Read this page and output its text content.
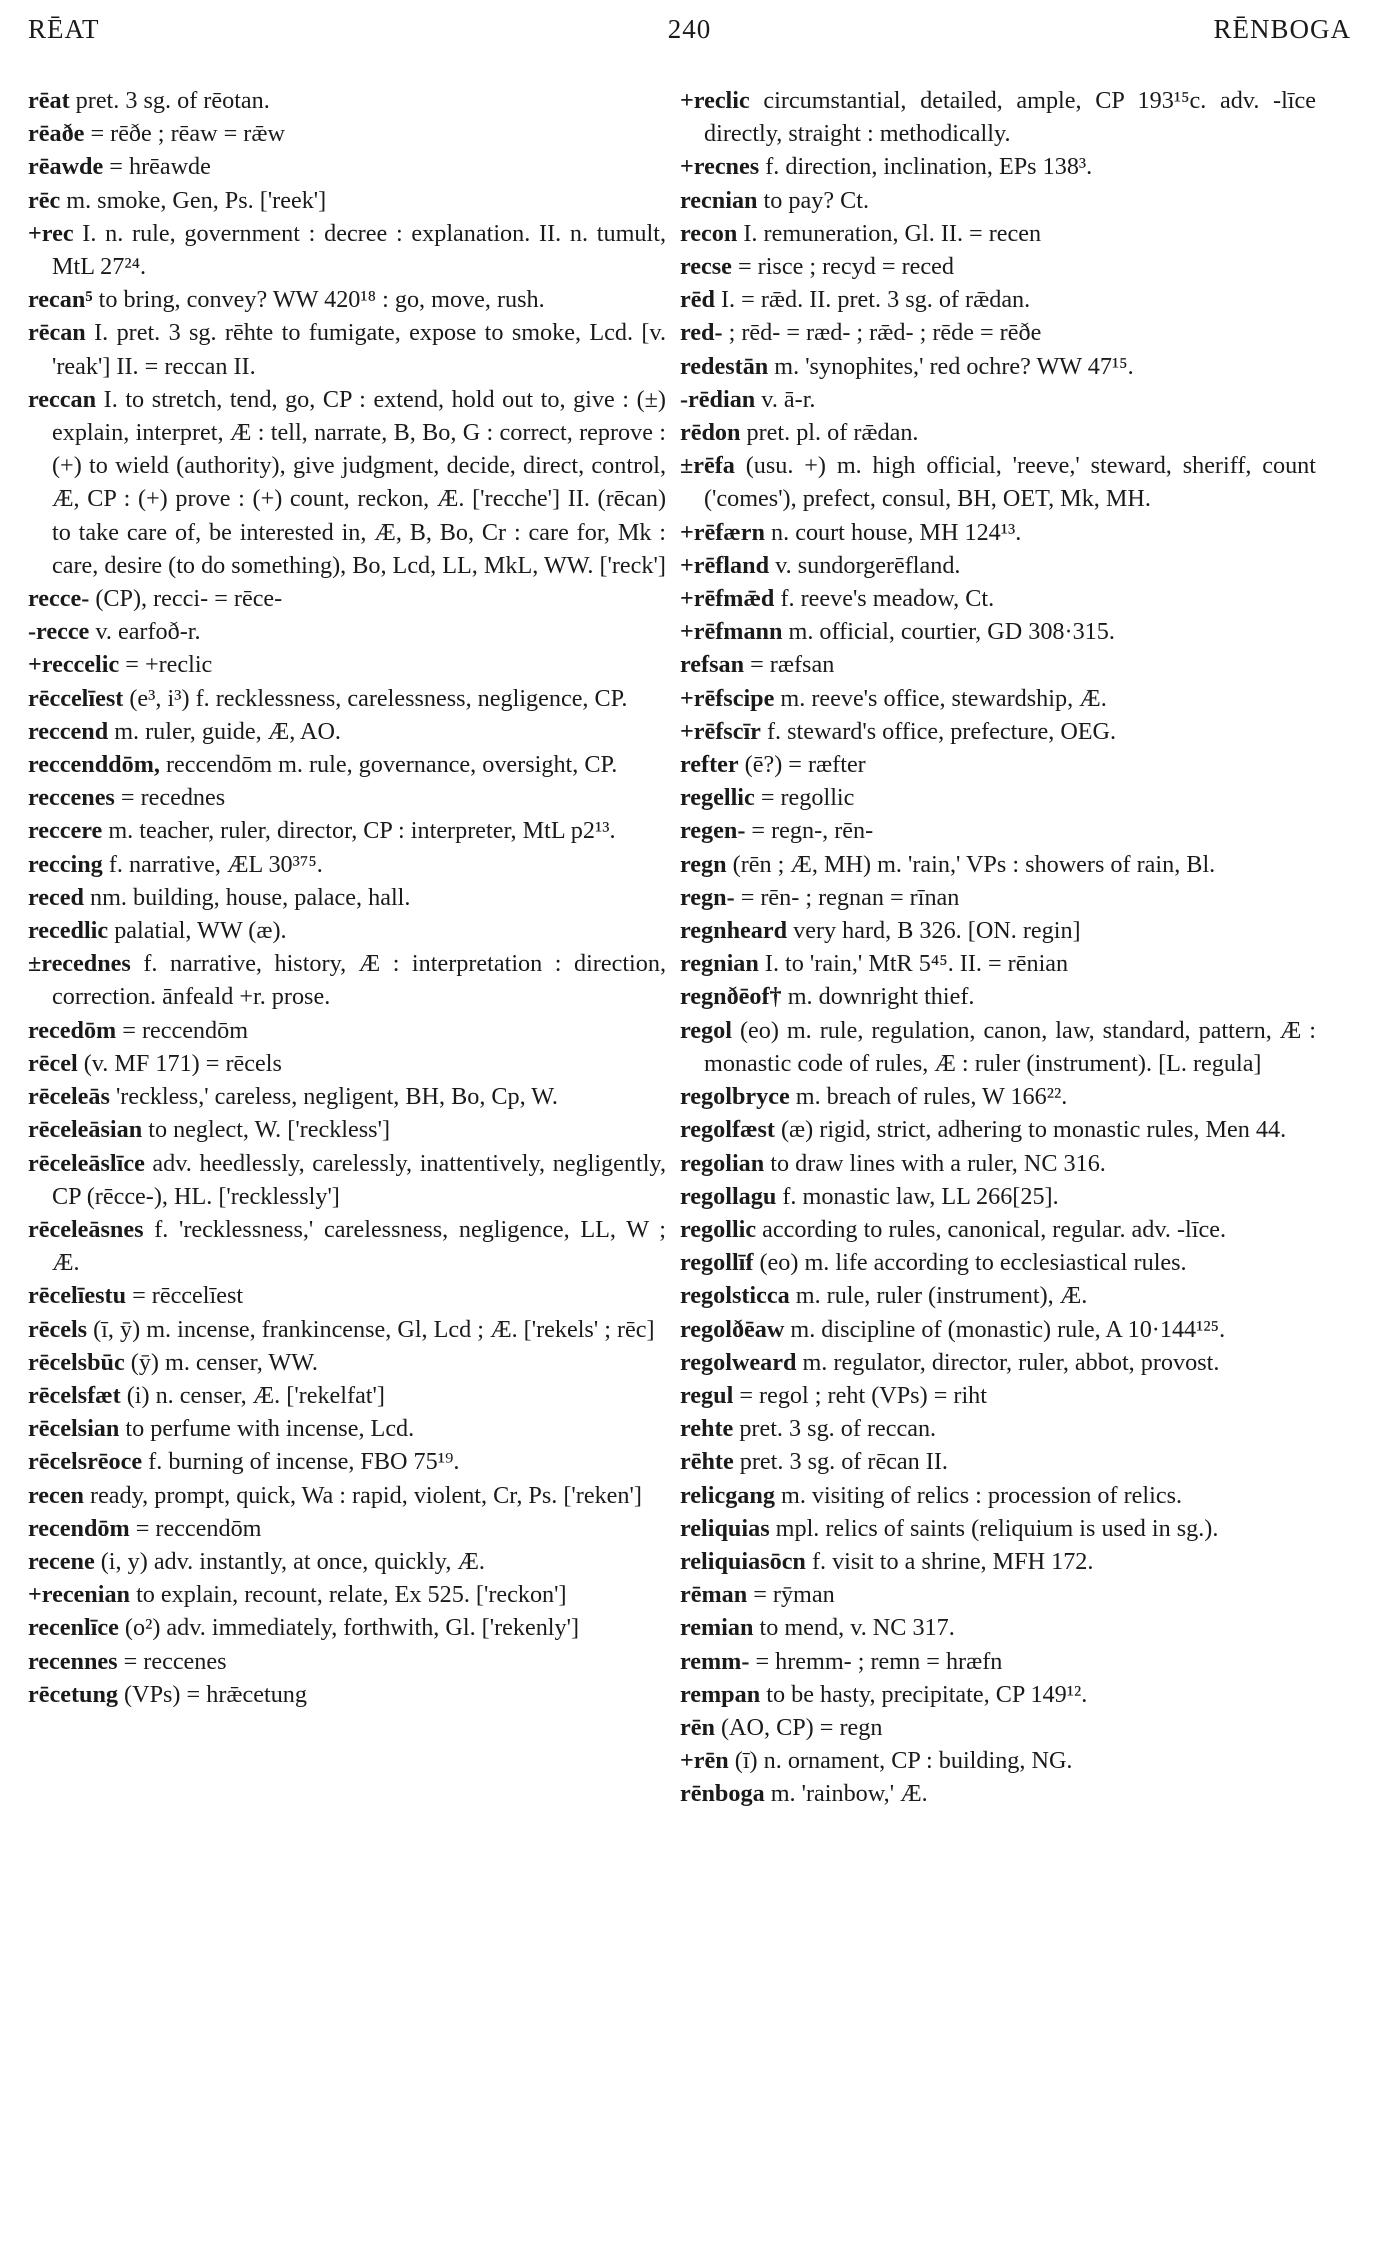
RĒAT	240	RĒNBOGA

rēat pret. 3 sg. of rēotan.

rēaðe = rēðe ; rēaw = rǣw

rēawde = hrēawde

rēc m. smoke, Gen, Ps. ['reek']

+rec I. n. rule, government : decree : explanation. II. n. tumult, MtL 27²⁴.

recan⁵ to bring, convey? WW 420¹⁸ : go, move, rush.

rēcan I. pret. 3 sg. rēhte to fumigate, expose to smoke, Lcd. [v. 'reak'] II. = reccan II.

reccan I. to stretch, tend, go, CP : extend, hold out to, give : (±) explain, interpret, Æ : tell, narrate, B, Bo, G : correct, reprove : (+) to wield (authority), give judgment, decide, direct, control, Æ, CP : (+) prove : (+) count, reckon, Æ. ['recche'] II. (rēcan) to take care of, be interested in, Æ, B, Bo, Cr : care for, Mk : care, desire (to do something), Bo, Lcd, LL, MkL, WW. ['reck']

recce- (CP), recci- = rēce-

-recce v. earfoð-r.

+reccelic = +reclic

rēccelīest (e³, i³) f. recklessness, carelessness, negligence, CP.

reccend m. ruler, guide, Æ, AO.

reccenddōm, reccendōm m. rule, governance, oversight, CP.

reccenes = recednes

reccere m. teacher, ruler, director, CP : interpreter, MtL p2¹³.

reccing f. narrative, ÆL 30³⁷⁵.

reced nm. building, house, palace, hall.

recedlic palatial, WW (æ).

±recednes f. narrative, history, Æ : interpretation : direction, correction. ānfeald +r. prose.

recedōm = reccendōm

rēcel (v. MF 171) = rēcels

rēceleās 'reckless,' careless, negligent, BH, Bo, Cp, W.

rēceleāsian to neglect, W. ['reckless']

rēceleāslīce adv. heedlessly, carelessly, inattentively, negligently, CP (rēcce-), HL. ['recklessly']

rēceleāsnes f. 'recklessness,' carelessness, negligence, LL, W ; Æ.

rēcelīestu = rēccelīest

rēcels (ī, ȳ) m. incense, frankincense, Gl, Lcd ; Æ. ['rekels' ; rēc]

rēcelsbūc (ȳ) m. censer, WW.

rēcelsfæt (i) n. censer, Æ. ['rekelfat']

rēcelsian to perfume with incense, Lcd.

rēcelsrēoce f. burning of incense, FBO 75¹⁹.

recen ready, prompt, quick, Wa : rapid, violent, Cr, Ps. ['reken']

recendōm = reccendōm

recene (i, y) adv. instantly, at once, quickly, Æ.

+recenian to explain, recount, relate, Ex 525. ['reckon']

recenlīce (o²) adv. immediately, forthwith, Gl. ['rekenly']

recennes = reccenes

rēcetung (VPs) = hrǣcetung

+reclic circumstantial, detailed, ample, CP 193¹⁵c. adv. -līce directly, straight : methodically.

+recnes f. direction, inclination, EPs 138³.

recnian to pay? Ct.

recon I. remuneration, Gl. II. = recen

recse = risce ; recyd = reced

rēd I. = rǣd. II. pret. 3 sg. of rǣdan.

red- ; rēd- = ræd- ; rǣd- ; rēde = rēðe

redestān m. 'synophites,' red ochre? WW 47¹⁵.

-rēdian v. ā-r.

rēdon pret. pl. of rǣdan.

±rēfa (usu. +) m. high official, 'reeve,' steward, sheriff, count ('comes'), prefect, consul, BH, OET, Mk, MH.

+rēfærn n. court house, MH 124¹³.

+rēfland v. sundorgerēfland.

+rēfmǣd f. reeve's meadow, Ct.

+rēfmann m. official, courtier, GD 308·315.

refsan = ræfsan

+rēfscipe m. reeve's office, stewardship, Æ.

+rēfscīr f. steward's office, prefecture, OEG.

refter (ē?) = ræfter

regellic = regollic

regen- = regn-, rēn-

regn (rēn ; Æ, MH) m. 'rain,' VPs : showers of rain, Bl.

regn- = rēn- ; regnan = rīnan

regnheard very hard, B 326. [ON. regin]

regnian I. to 'rain,' MtR 5⁴⁵. II. = rēnian

regnðēof† m. downright thief.

regol (eo) m. rule, regulation, canon, law, standard, pattern, Æ : monastic code of rules, Æ : ruler (instrument). [L. regula]

regolbryce m. breach of rules, W 166²².

regolfæst (æ) rigid, strict, adhering to monastic rules, Men 44.

regolian to draw lines with a ruler, NC 316.

regollagu f. monastic law, LL 266[25].

regollic according to rules, canonical, regular. adv. -līce.

regollīf (eo) m. life according to ecclesiastical rules.

regolsticca m. rule, ruler (instrument), Æ.

regolðēaw m. discipline of (monastic) rule, A 10·144¹²⁵.

regolweard m. regulator, director, ruler, abbot, provost.

regul = regol ; reht (VPs) = riht

rehte pret. 3 sg. of reccan.

rēhte pret. 3 sg. of rēcan II.

relicgang m. visiting of relics : procession of relics.

reliquias mpl. relics of saints (reliquium is used in sg.).

reliquiasōcn f. visit to a shrine, MFH 172.

rēman = rȳman

remian to mend, v. NC 317.

remm- = hremm- ; remn = hræfn

rempan to be hasty, precipitate, CP 149¹².

rēn (AO, CP) = regn

+rēn (ī) n. ornament, CP : building, NG.

rēnboga m. 'rainbow,' Æ.
